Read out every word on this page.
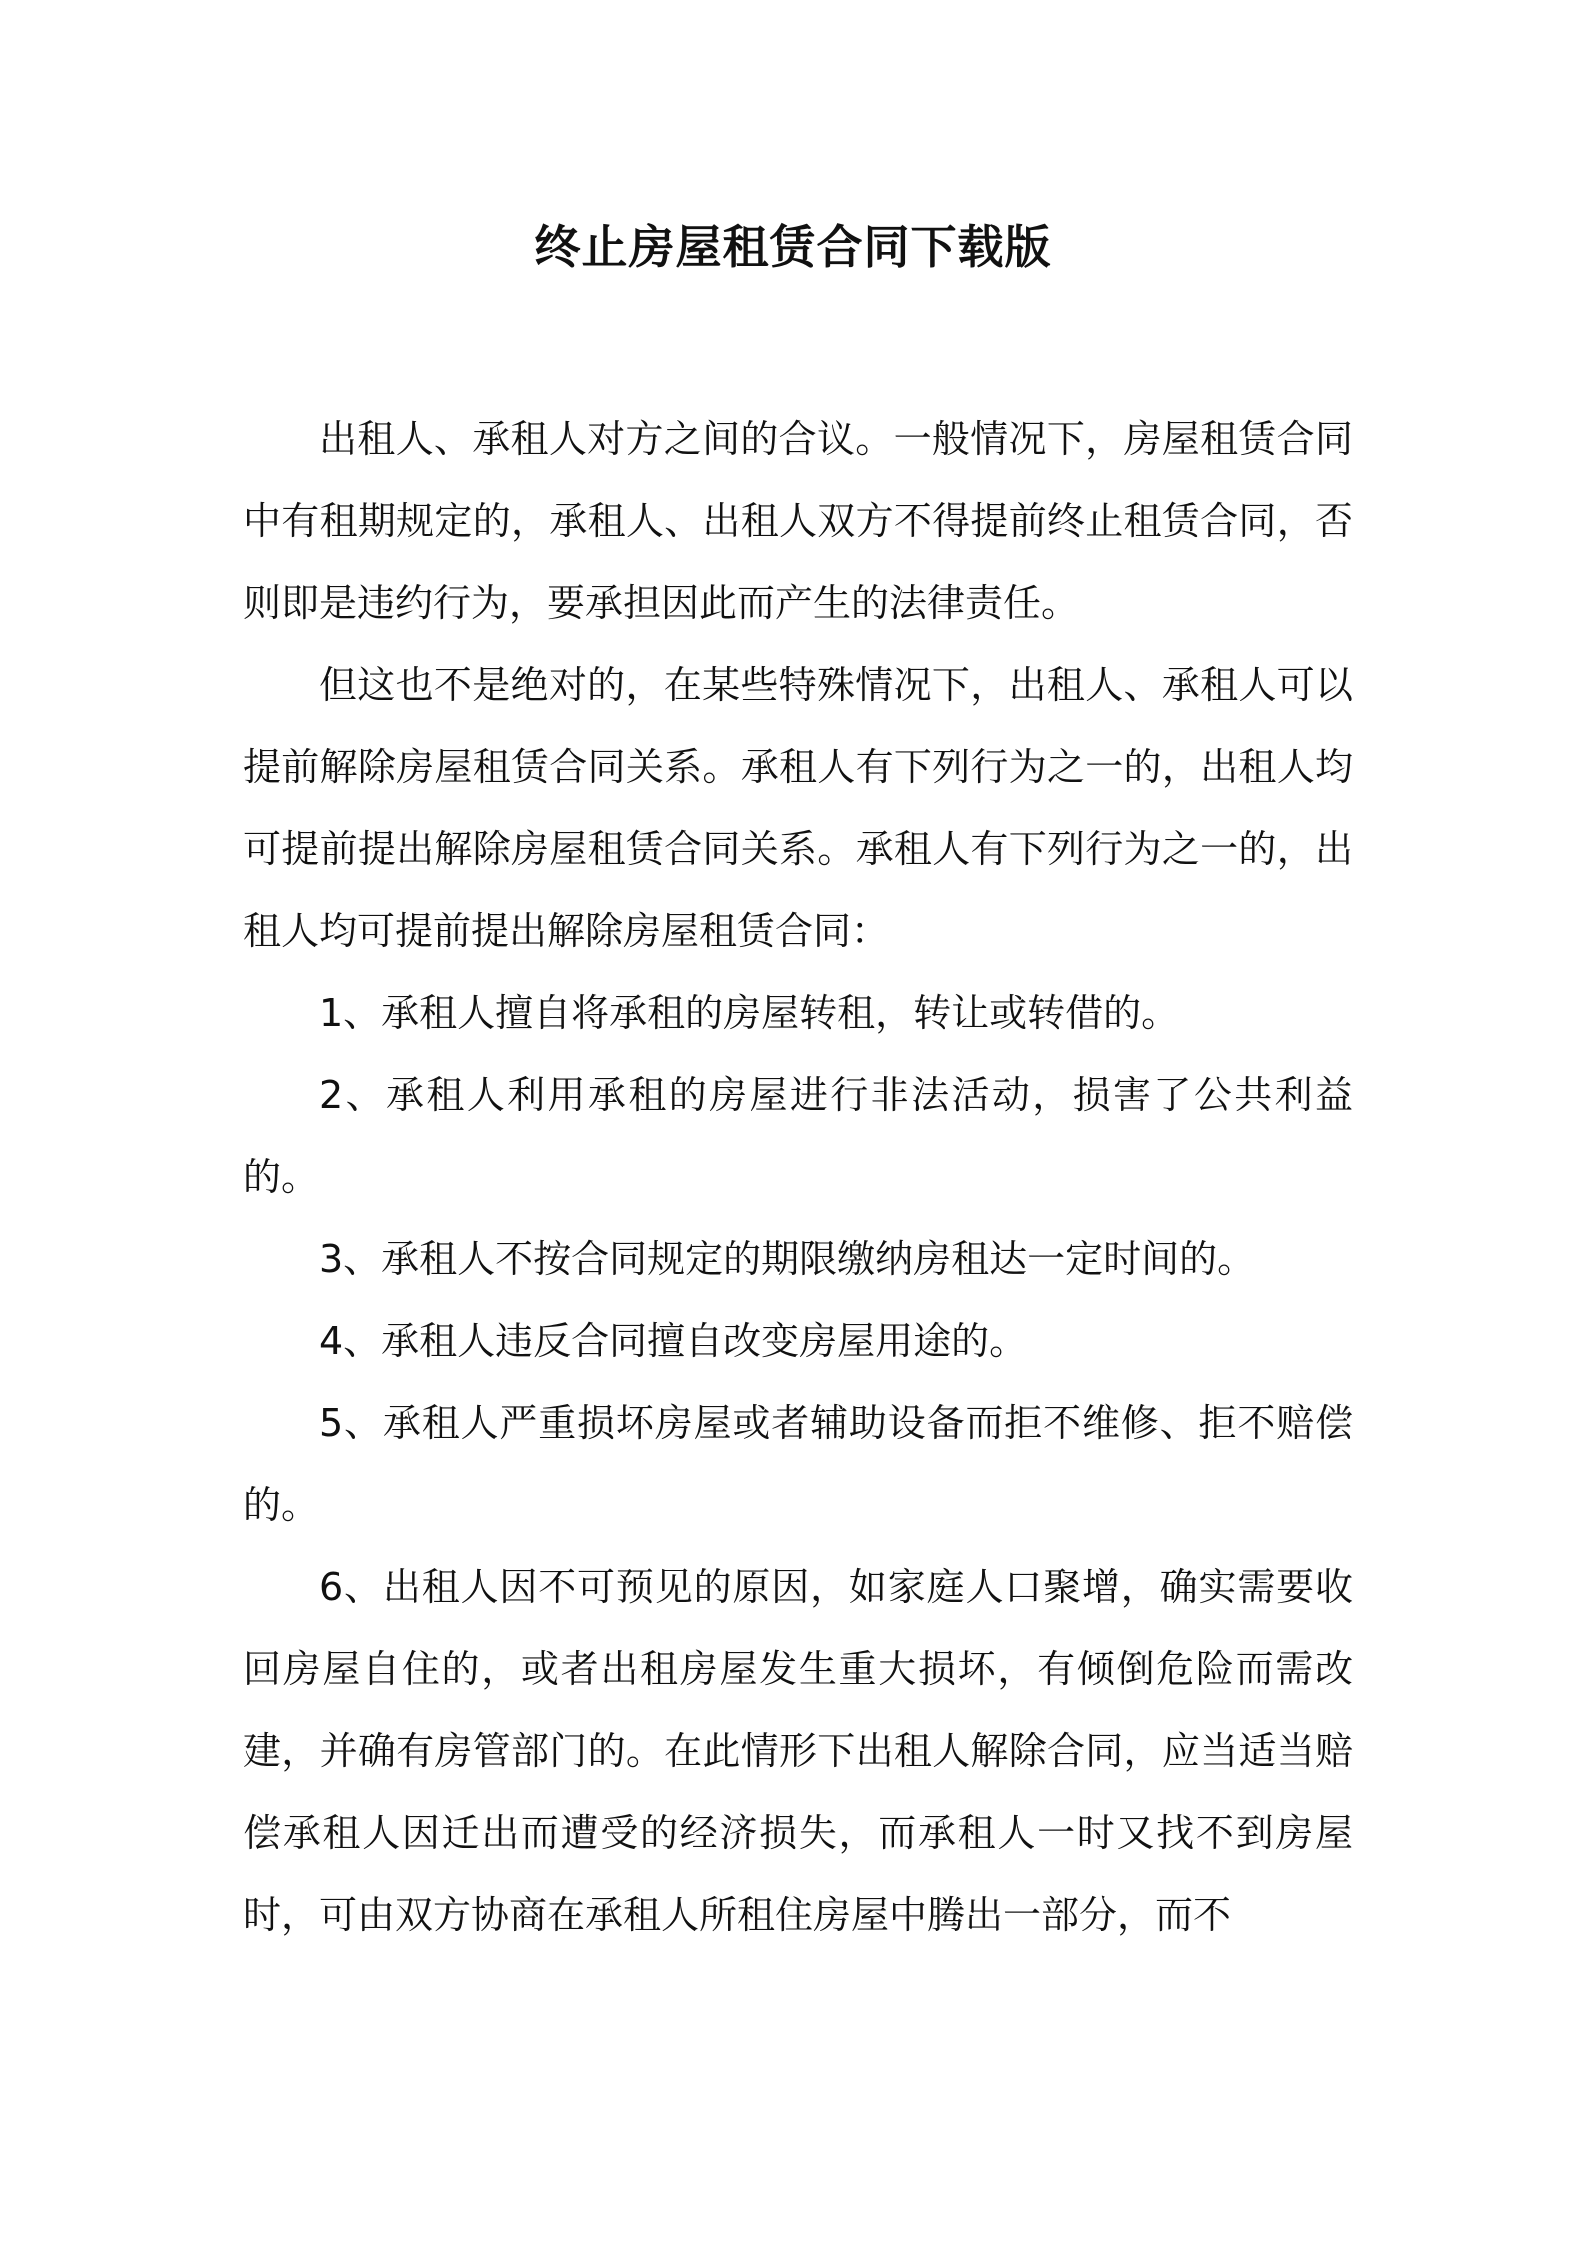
终止房屋租赁合同下载版

出租人、承租人对方之间的合议。一般情况下，房屋租赁合同中有租期规定的，承租人、出租人双方不得提前终止租赁合同，否则即是违约行为，要承担因此而产生的法律责任。

但这也不是绝对的，在某些特殊情况下，出租人、承租人可以提前解除房屋租赁合同关系。承租人有下列行为之一的，出租人均可提前提出解除房屋租赁合同关系。承租人有下列行为之一的，出租人均可提前提出解除房屋租赁合同：

1、承租人擅自将承租的房屋转租，转让或转借的。

2、承租人利用承租的房屋进行非法活动，损害了公共利益的。

3、承租人不按合同规定的期限缴纳房租达一定时间的。

4、承租人违反合同擅自改变房屋用途的。

5、承租人严重损坏房屋或者辅助设备而拒不维修、拒不赔偿的。

6、出租人因不可预见的原因，如家庭人口聚增，确实需要收回房屋自住的，或者出租房屋发生重大损坏，有倾倒危险而需改建，并确有房管部门的。在此情形下出租人解除合同，应当适当赔偿承租人因迁出而遭受的经济损失，而承租人一时又找不到房屋时，可由双方协商在承租人所租住房屋中腾出一部分，而不
